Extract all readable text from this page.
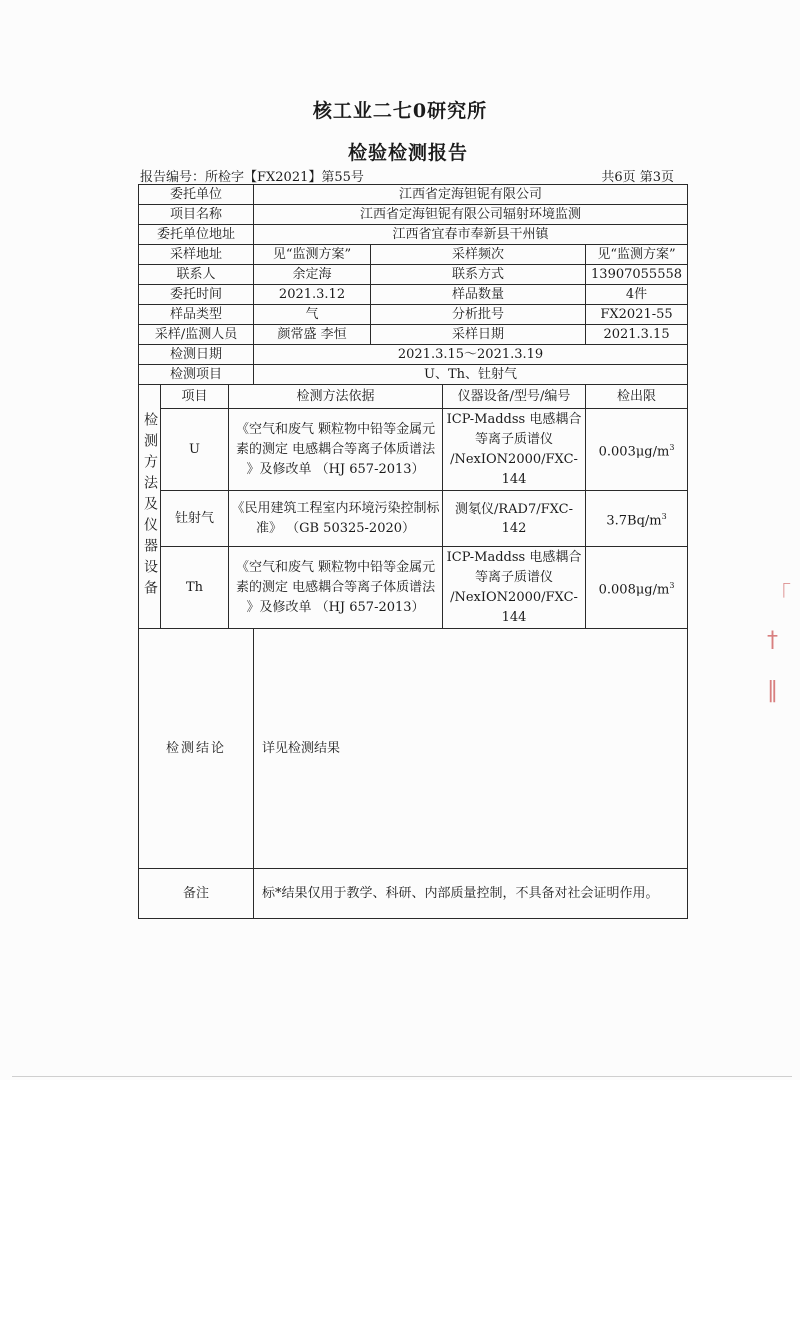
核工业二七0研究所
检验检测报告
报告编号：所检字【FX2021】第55号	共6页 第3页
委托单位			江西省定海钽铌有限公司			
项目名称			江西省定海钽铌有限公司辐射环境监测			
委托单位地址			江西省宜春市奉新县干州镇			
采样地址			见“监测方案”	采样频次		见“监测方案”
联系人			余定海	联系方式		13907055558
委托时间			2021.3.12	样品数量		4件
样品类型			气	分析批号		FX2021-55
采样/监测人员			颜常盛 李恒	采样日期		2021.3.15
检测日期			2021.3.15～2021.3.19			
检测项目			U、Th、钍射气			
检测方法及仪器设备	项目	检测方法依据			仪器设备/型号/编号	检出限
	U	《空气和废气 颗粒物中铅等金属元素的测定 电感耦合等离子体质谱法 》及修改单 （HJ 657-2013）			ICP-Maddss 电感耦合等离子质谱仪 /NexION2000/FXC-144	$0.003\mu g/m^3$
	钍射气	《民用建筑工程室内环境污染控制标准》 （GB 50325-2020）			测氡仪/RAD7/FXC-142	$3.7Bq/m^3$
	Th	《空气和废气 颗粒物中铅等金属元素的测定 电感耦合等离子体质谱法 》及修改单 （HJ 657-2013）			ICP-Maddss 电感耦合等离子质谱仪 /NexION2000/FXC-144	$0.008\mu g/m^3$
检测结论			详见检测结果			
备注			标*结果仅用于教学、科研、内部质量控制，不具备对社会证明作用。			
「
†
‖
